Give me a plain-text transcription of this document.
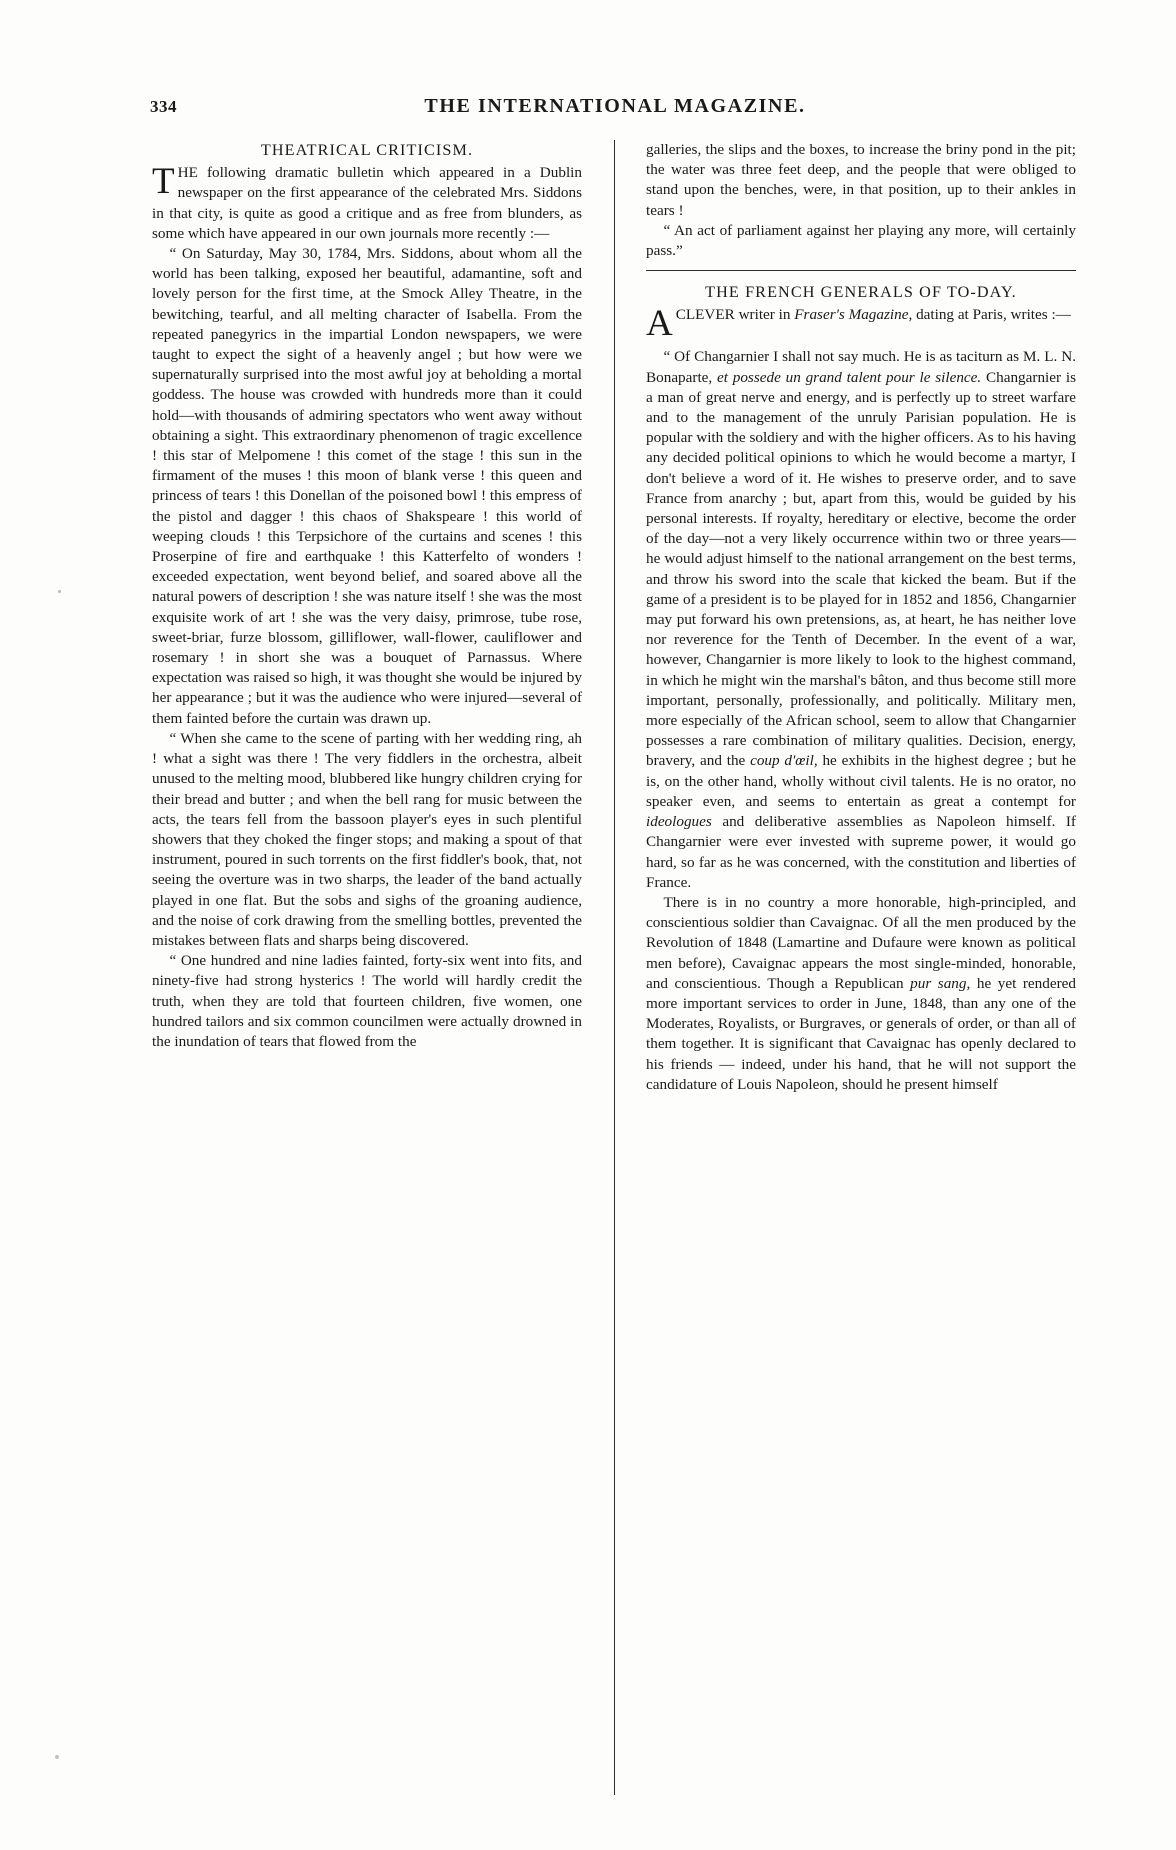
334	THE INTERNATIONAL MAGAZINE.
THEATRICAL CRITICISM.

THE following dramatic bulletin which appeared in a Dublin newspaper on the first appearance of the celebrated Mrs. Siddons in that city, is quite as good a critique and as free from blunders, as some which have appeared in our own journals more recently :—

“ On Saturday, May 30, 1784, Mrs. Siddons, about whom all the world has been talking, exposed her beautiful, adamantine, soft and lovely person for the first time, at the Smock Alley Theatre, in the bewitching, tearful, and all melting character of Isabella. From the repeated panegyrics in the impartial London newspapers, we were taught to expect the sight of a heavenly angel ; but how were we supernaturally surprised into the most awful joy at beholding a mortal goddess. The house was crowded with hundreds more than it could hold—with thousands of admiring spectators who went away without obtaining a sight. This extraordinary phenomenon of tragic excellence ! this star of Melpomene ! this comet of the stage ! this sun in the firmament of the muses ! this moon of blank verse ! this queen and princess of tears ! this Donellan of the poisoned bowl ! this empress of the pistol and dagger ! this chaos of Shakspeare ! this world of weeping clouds ! this Terpsichore of the curtains and scenes ! this Proserpine of fire and earthquake ! this Katterfelto of wonders ! exceeded expectation, went beyond belief, and soared above all the natural powers of description ! she was nature itself ! she was the most exquisite work of art ! she was the very daisy, primrose, tube rose, sweet-briar, furze blossom, gilliflower, wall-flower, cauliflower and rosemary ! in short she was a bouquet of Parnassus. Where expectation was raised so high, it was thought she would be injured by her appearance ; but it was the audience who were injured—several of them fainted before the curtain was drawn up.

“ When she came to the scene of parting with her wedding ring, ah ! what a sight was there ! The very fiddlers in the orchestra, albeit unused to the melting mood, blubbered like hungry children crying for their bread and butter ; and when the bell rang for music between the acts, the tears fell from the bassoon player's eyes in such plentiful showers that they choked the finger stops; and making a spout of that instrument, poured in such torrents on the first fiddler's book, that, not seeing the overture was in two sharps, the leader of the band actually played in one flat. But the sobs and sighs of the groaning audience, and the noise of cork drawing from the smelling bottles, prevented the mistakes between flats and sharps being discovered.

“ One hundred and nine ladies fainted, forty-six went into fits, and ninety-five had strong hysterics ! The world will hardly credit the truth, when they are told that fourteen children, five women, one hundred tailors and six common councilmen were actually drowned in the inundation of tears that flowed from the

galleries, the slips and the boxes, to increase the briny pond in the pit; the water was three feet deep, and the people that were obliged to stand upon the benches, were, in that position, up to their ankles in tears !

“ An act of parliament against her playing any more, will certainly pass.”

THE FRENCH GENERALS OF TO-DAY.

A CLEVER writer in Fraser's Magazine, dating at Paris, writes :—

“ Of Changarnier I shall not say much. He is as taciturn as M. L. N. Bonaparte, et possede un grand talent pour le silence. Changarnier is a man of great nerve and energy, and is perfectly up to street warfare and to the management of the unruly Parisian population. He is popular with the soldiery and with the higher officers. As to his having any decided political opinions to which he would become a martyr, I don't believe a word of it. He wishes to preserve order, and to save France from anarchy ; but, apart from this, would be guided by his personal interests. If royalty, hereditary or elective, become the order of the day—not a very likely occurrence within two or three years—he would adjust himself to the national arrangement on the best terms, and throw his sword into the scale that kicked the beam. But if the game of a president is to be played for in 1852 and 1856, Changarnier may put forward his own pretensions, as, at heart, he has neither love nor reverence for the Tenth of December. In the event of a war, however, Changarnier is more likely to look to the highest command, in which he might win the marshal's bâton, and thus become still more important, personally, professionally, and politically. Military men, more especially of the African school, seem to allow that Changarnier possesses a rare combination of military qualities. Decision, energy, bravery, and the coup d'œil, he exhibits in the highest degree ; but he is, on the other hand, wholly without civil talents. He is no orator, no speaker even, and seems to entertain as great a contempt for ideologues and deliberative assemblies as Napoleon himself. If Changarnier were ever invested with supreme power, it would go hard, so far as he was concerned, with the constitution and liberties of France.

There is in no country a more honorable, high-principled, and conscientious soldier than Cavaignac. Of all the men produced by the Revolution of 1848 (Lamartine and Dufaure were known as political men before), Cavaignac appears the most single-minded, honorable, and conscientious. Though a Republican pur sang, he yet rendered more important services to order in June, 1848, than any one of the Moderates, Royalists, or Burgraves, or generals of order, or than all of them together. It is significant that Cavaignac has openly declared to his friends — indeed, under his hand, that he will not support the candidature of Louis Napoleon, should he present himself
